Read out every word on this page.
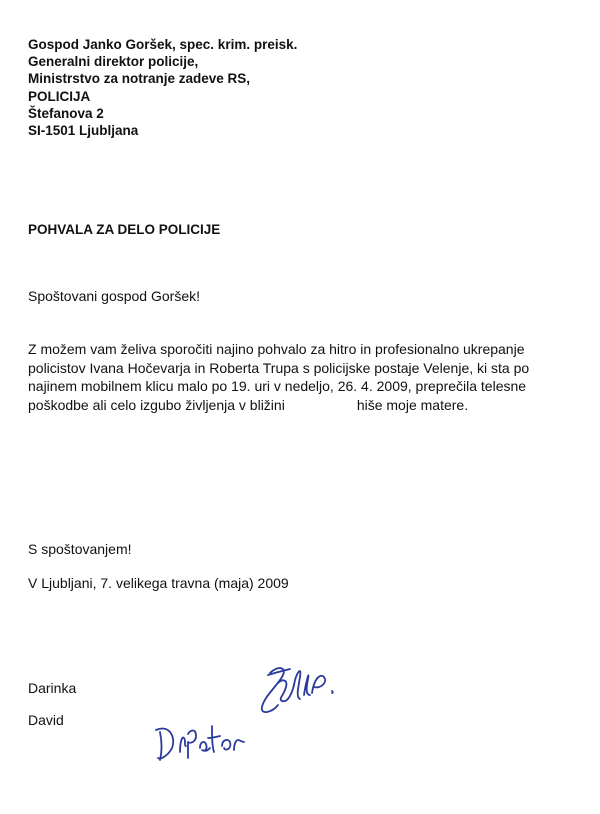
Gospod Janko Goršek, spec. krim. preisk.
Generalni direktor policije,
Ministrstvo za notranje zadeve RS,
POLICIJA
Štefanova 2
SI-1501 Ljubljana
POHVALA ZA DELO POLICIJE
Spoštovani gospod Goršek!
Z možem vam želiva sporočiti najino pohvalo za hitro in profesionalno ukrepanje
policistov Ivana Hočevarja in Roberta Trupa s policijske postaje Velenje, ki sta po
najinem mobilnem klicu malo po 19. uri v nedeljo, 26. 4. 2009, preprečila telesne
poškodbe ali celo izgubo življenja v bližini	hiše moje matere.
S spoštovanjem!
V Ljubljani, 7. velikega travna (maja) 2009
Darinka
David
